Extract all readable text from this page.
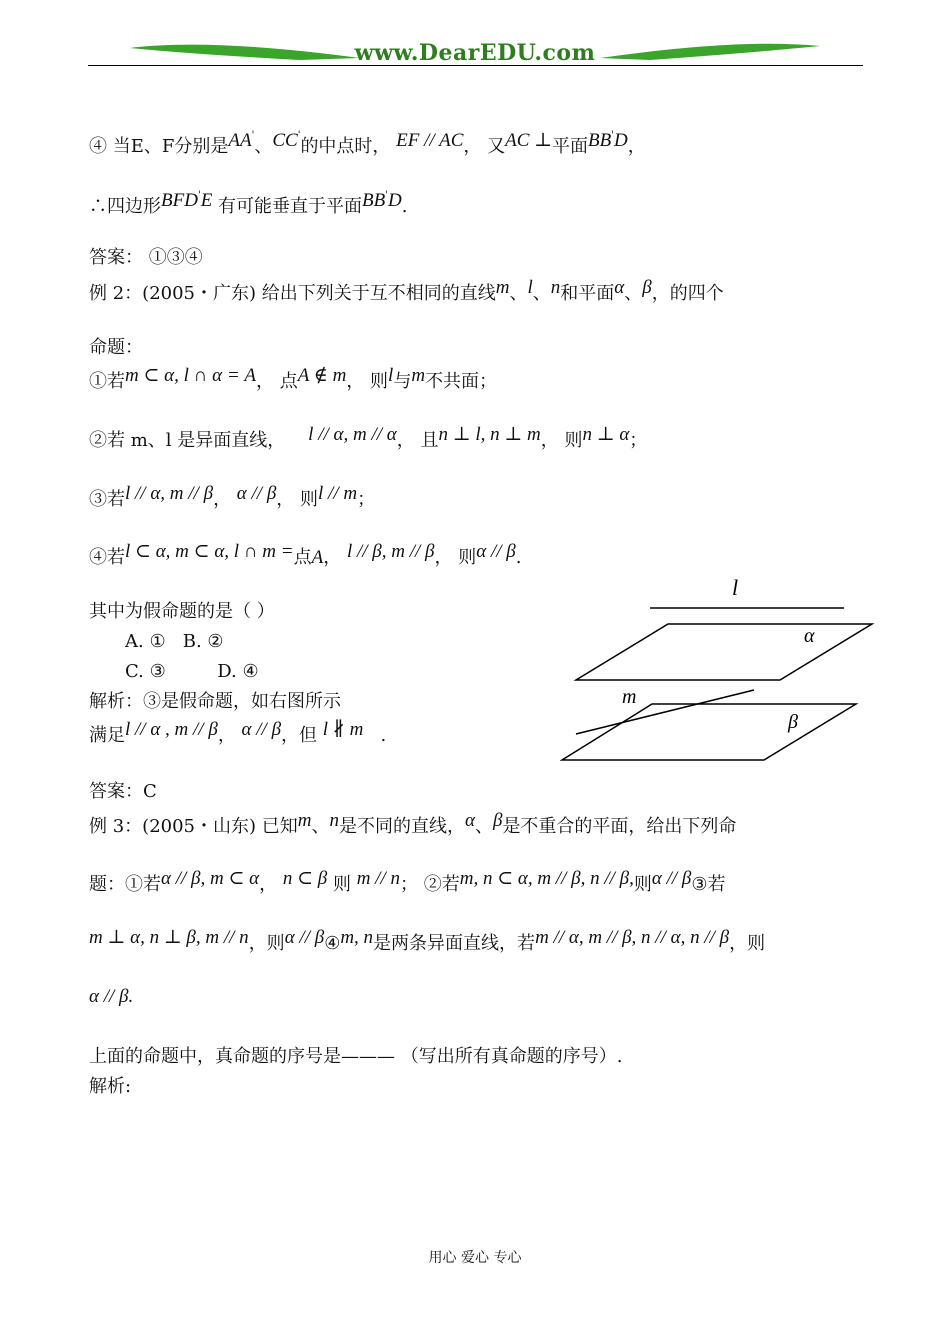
www.DearEDU.com
④ 当E、F分别是AA'、CC'的中点时， EF // AC， 又AC ⊥平面BB'D，
∴四边形BFD'E 有可能垂直于平面BB'D.
答案： ①③④
例 2：(2005・广东) 给出下列关于互不相同的直线m、l、n和平面α、β，的四个
命题：
①若m ⊂ α, l ∩ α = A， 点A ∉ m， 则l与m不共面；
②若 m、l 是异面直线， l // α, m // α， 且n ⊥ l, n ⊥ m， 则n ⊥ α；
③若l // α, m // β， α // β， 则l // m；
④若l ⊂ α, m ⊂ α, l ∩ m =点A， l // β, m // β， 则α // β.
其中为假命题的是（ ）
A. ① B. ②
C. ③	D. ④
解析：③是假命题，如右图所示
满足l // α , m // β， α // β，但 l ∦ m .
答案：C
例 3：(2005・山东) 已知m、n是不同的直线，α、β是不重合的平面，给出下列命
题：①若α // β, m ⊂ α， n ⊂ β 则 m // n； ②若m, n ⊂ α, m // β, n // β,则α // β③若
m ⊥ α, n ⊥ β, m // n，则α // β④m, n是两条异面直线，若m // α, m // β, n // α, n // β，则
α // β.
上面的命题中，真命题的序号是——— （写出所有真命题的序号）.
解析:
l
α
β
m
用心 爱心 专心
